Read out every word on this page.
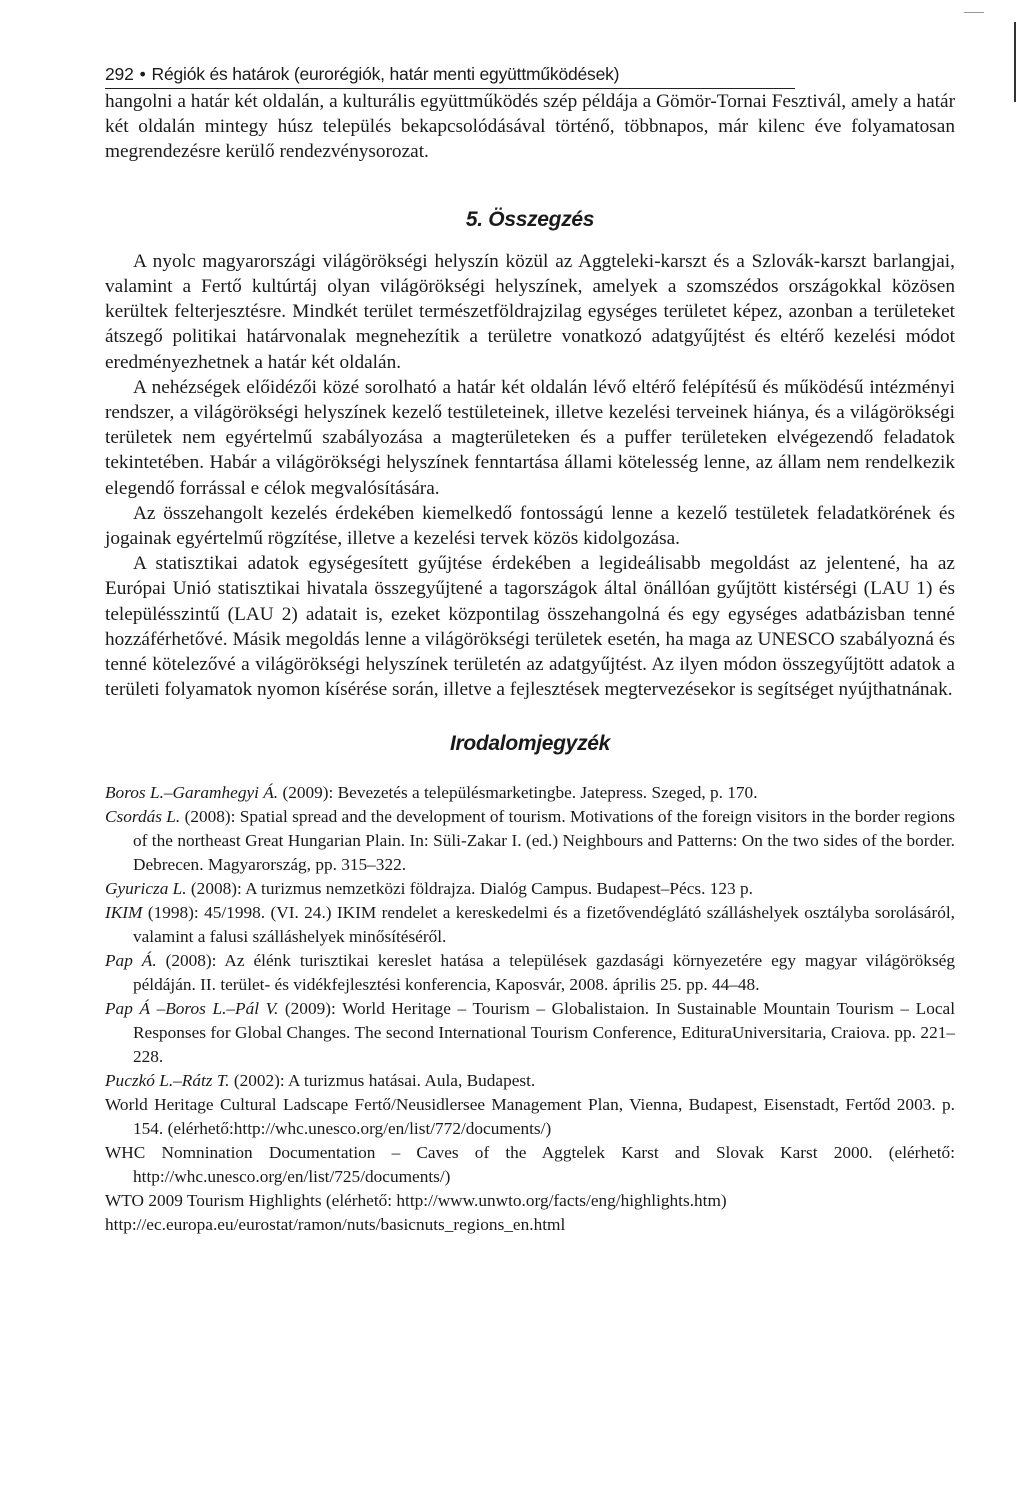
292 • Régiók és határok (eurorégiók, határ menti együttműködések)

hangolni a határ két oldalán, a kulturális együttműködés szép példája a Gömör-Tornai Fesztivál, amely a határ két oldalán mintegy húsz település bekapcsolódásával történő, többnapos, már kilenc éve folyamatosan megrendezésre kerülő rendezvénysorozat.

5. Összegzés

A nyolc magyarországi világörökségi helyszín közül az Aggteleki-karszt és a Szlovák-karszt barlangjai, valamint a Fertő kultúrtáj olyan világörökségi helyszínek, amelyek a szomszédos országokkal közösen kerültek felterjesztésre. Mindkét terület természetföldrajzilag egységes területet képez, azonban a területeket átszegő politikai határvonalak megnehezítik a területre vonatkozó adatgyűjtést és eltérő kezelési módot eredményezhetnek a határ két oldalán.

A nehézségek előidézői közé sorolható a határ két oldalán lévő eltérő felépítésű és működésű intézményi rendszer, a világörökségi helyszínek kezelő testületeinek, illetve kezelési terveinek hiánya, és a világörökségi területek nem egyértelmű szabályozása a magterületeken és a puffer területeken elvégezendő feladatok tekintetében. Habár a világörökségi helyszínek fenntartása állami kötelesség lenne, az állam nem rendelkezik elegendő forrással e célok megvalósítására.

Az összehangolt kezelés érdekében kiemelkedő fontosságú lenne a kezelő testületek feladatkörének és jogainak egyértelmű rögzítése, illetve a kezelési tervek közös kidolgozása.

A statisztikai adatok egységesített gyűjtése érdekében a legideálisabb megoldást az jelentené, ha az Európai Unió statisztikai hivatala összegyűjtené a tagországok által önállóan gyűjtött kistérségi (LAU 1) és településszintű (LAU 2) adatait is, ezeket központilag összehangolná és egy egységes adatbázisban tenné hozzáférhetővé. Másik megoldás lenne a világörökségi területek esetén, ha maga az UNESCO szabályozná és tenné kötelezővé a világörökségi helyszínek területén az adatgyűjtést. Az ilyen módon összegyűjtött adatok a területi folyamatok nyomon kísérése során, illetve a fejlesztések megtervezésekor is segítséget nyújthatnának.

Irodalomjegyzék

Boros L.–Garamhegyi Á. (2009): Bevezetés a településmarketingbe. Jatepress. Szeged, p. 170.

Csordás L. (2008): Spatial spread and the development of tourism. Motivations of the foreign visitors in the border regions of the northeast Great Hungarian Plain. In: Süli-Zakar I. (ed.) Neighbours and Patterns: On the two sides of the border. Debrecen. Magyarország, pp. 315–322.

Gyuricza L. (2008): A turizmus nemzetközi földrajza. Dialóg Campus. Budapest–Pécs. 123 p.

IKIM (1998): 45/1998. (VI. 24.) IKIM rendelet a kereskedelmi és a fizetővendéglátó szálláshelyek osztályba sorolásáról, valamint a falusi szálláshelyek minősítéséről.

Pap Á. (2008): Az élénk turisztikai kereslet hatása a települések gazdasági környezetére egy magyar világörökség példáján. II. terület- és vidékfejlesztési konferencia, Kaposvár, 2008. április 25. pp. 44–48.

Pap Á –Boros L.–Pál V. (2009): World Heritage – Tourism – Globalistaion. In Sustainable Mountain Tourism – Local Responses for Global Changes. The second International Tourism Conference, EdituraUniversitaria, Craiova. pp. 221–228.

Puczkó L.–Rátz T. (2002): A turizmus hatásai. Aula, Budapest.

World Heritage Cultural Ladscape Fertő/Neusidlersee Management Plan, Vienna, Budapest, Eisenstadt, Fertőd 2003. p. 154. (elérhető:http://whc.unesco.org/en/list/772/documents/)

WHC Nomnination Documentation – Caves of the Aggtelek Karst and Slovak Karst 2000. (elérhető: http://whc.unesco.org/en/list/725/documents/)

WTO 2009 Tourism Highlights (elérhető: http://www.unwto.org/facts/eng/highlights.htm)

http://ec.europa.eu/eurostat/ramon/nuts/basicnuts_regions_en.html
